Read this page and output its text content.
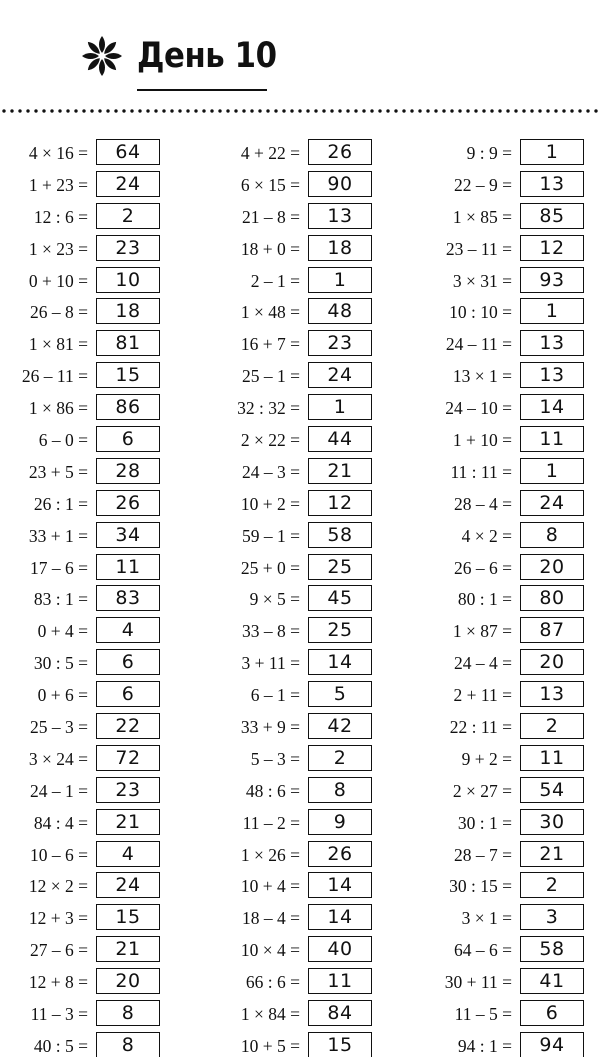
День 10
4 × 16 =	64
1 + 23 =	24
12 : 6 =	2
1 × 23 =	23
0 + 10 =	10
26 – 8 =	18
1 × 81 =	81
26 – 11 =	15
1 × 86 =	86
6 – 0 =	6
23 + 5 =	28
26 : 1 =	26
33 + 1 =	34
17 – 6 =	11
83 : 1 =	83
0 + 4 =	4
30 : 5 =	6
0 + 6 =	6
25 – 3 =	22
3 × 24 =	72
24 – 1 =	23
84 : 4 =	21
10 – 6 =	4
12 × 2 =	24
12 + 3 =	15
27 – 6 =	21
12 + 8 =	20
11 – 3 =	8
40 : 5 =	8
4 + 22 =	26
6 × 15 =	90
21 – 8 =	13
18 + 0 =	18
2 – 1 =	1
1 × 48 =	48
16 + 7 =	23
25 – 1 =	24
32 : 32 =	1
2 × 22 =	44
24 – 3 =	21
10 + 2 =	12
59 – 1 =	58
25 + 0 =	25
9 × 5 =	45
33 – 8 =	25
3 + 11 =	14
6 – 1 =	5
33 + 9 =	42
5 – 3 =	2
48 : 6 =	8
11 – 2 =	9
1 × 26 =	26
10 + 4 =	14
18 – 4 =	14
10 × 4 =	40
66 : 6 =	11
1 × 84 =	84
10 + 5 =	15
9 : 9 =	1
22 – 9 =	13
1 × 85 =	85
23 – 11 =	12
3 × 31 =	93
10 : 10 =	1
24 – 11 =	13
13 × 1 =	13
24 – 10 =	14
1 + 10 =	11
11 : 11 =	1
28 – 4 =	24
4 × 2 =	8
26 – 6 =	20
80 : 1 =	80
1 × 87 =	87
24 – 4 =	20
2 + 11 =	13
22 : 11 =	2
9 + 2 =	11
2 × 27 =	54
30 : 1 =	30
28 – 7 =	21
30 : 15 =	2
3 × 1 =	3
64 – 6 =	58
30 + 11 =	41
11 – 5 =	6
94 : 1 =	94
